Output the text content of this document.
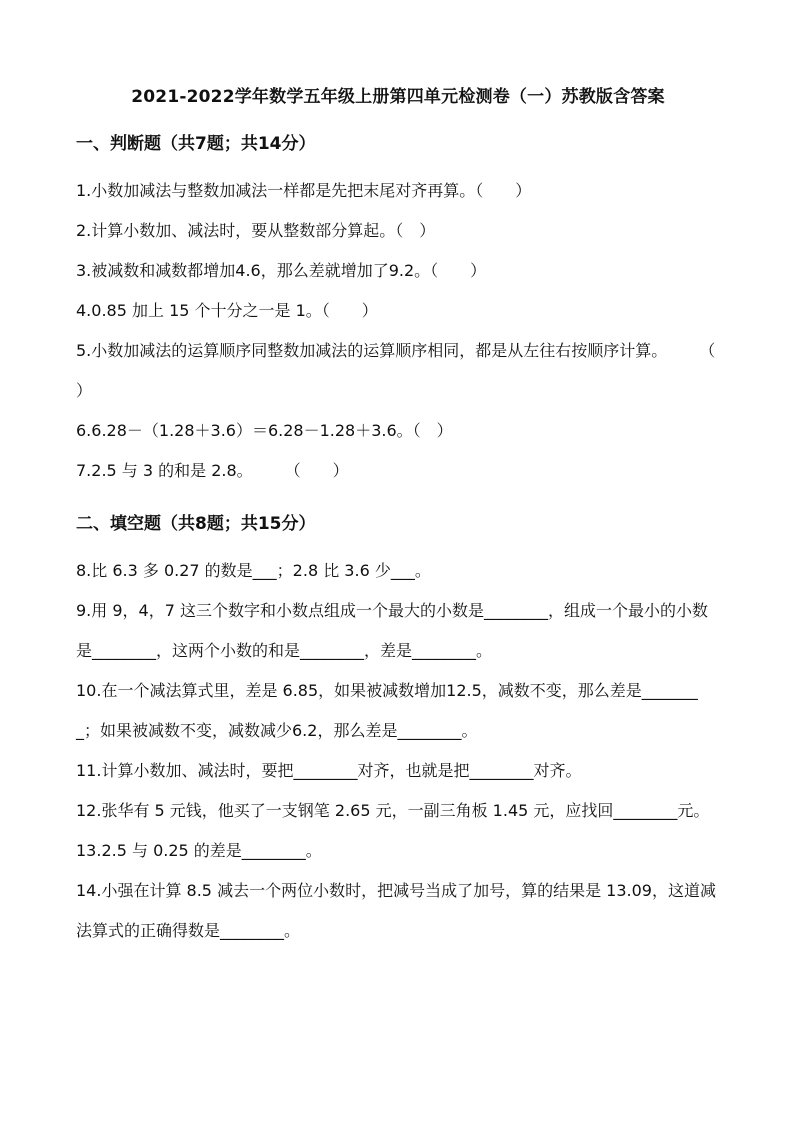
2021-2022学年数学五年级上册第四单元检测卷（一）苏教版含答案
一、判断题（共7题；共14分）
1.小数加减法与整数加减法一样都是先把末尾对齐再算。（　　）
2.计算小数加、减法时，要从整数部分算起。（　）
3.被减数和减数都增加4.6，那么差就增加了9.2。（　　）
4.0.85 加上 15 个十分之一是 1。（　　）
5.小数加减法的运算顺序同整数加减法的运算顺序相同，都是从左往右按顺序计算。　　　（　　）
6.6.28－（1.28＋3.6）＝6.28－1.28＋3.6。（　）
7.2.5 与 3 的和是 2.8。　　　（　　）
二、填空题（共8题；共15分）
8.比 6.3 多 0.27 的数是___；2.8 比 3.6 少___。
9.用 9，4，7 这三个数字和小数点组成一个最大的小数是________，组成一个最小的小数是________，这两个小数的和是________，差是________。
10.在一个减法算式里，差是 6.85，如果被减数增加12.5，减数不变，那么差是________；如果被减数不变，减数减少6.2，那么差是________。
11.计算小数加、减法时，要把________对齐，也就是把________对齐。
12.张华有 5 元钱，他买了一支钢笔 2.65 元，一副三角板 1.45 元，应找回________元。
13.2.5 与 0.25 的差是________。
14.小强在计算 8.5 减去一个两位小数时，把减号当成了加号，算的结果是 13.09，这道减法算式的正确得数是________。
